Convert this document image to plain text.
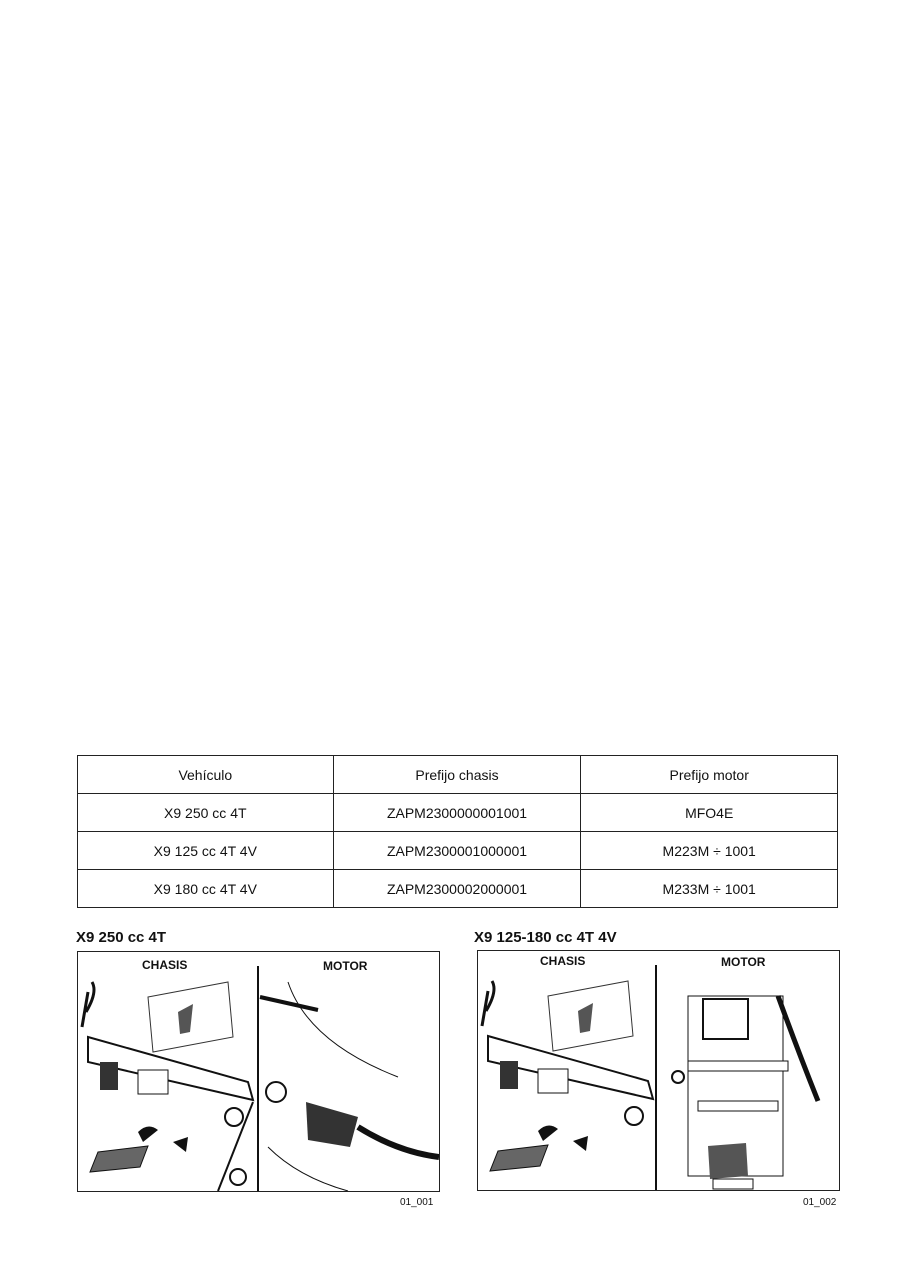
Vehículo	Prefijo chasis	Prefijo motor
X9 250 cc 4T	ZAPM2300000001001	MFO4E
X9 125 cc 4T 4V	ZAPM2300001000001	M223M ÷ 1001
X9 180 cc 4T 4V	ZAPM2300002000001	M233M ÷ 1001
X9 250 cc 4T
CHASIS	MOTOR
01_001
X9 125-180 cc 4T 4V
CHASIS	MOTOR
01_002
